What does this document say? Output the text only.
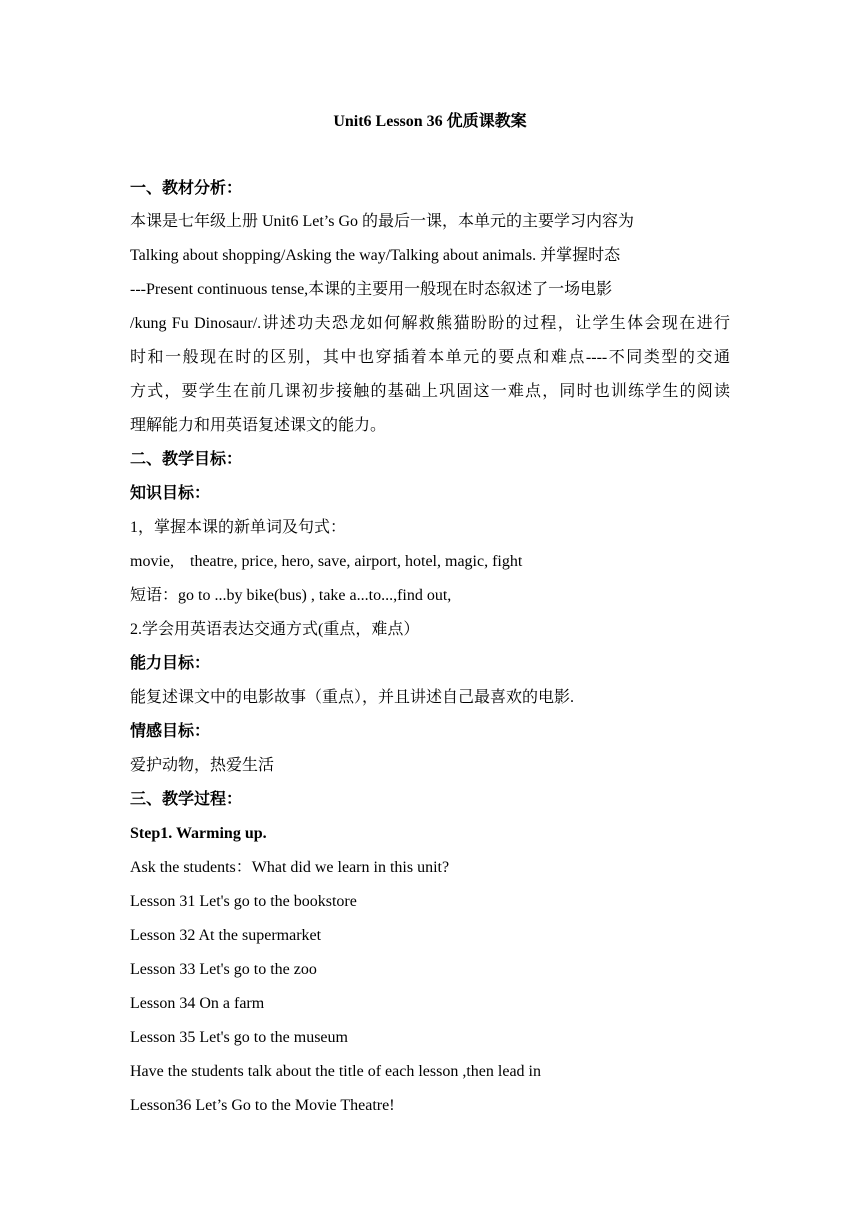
Unit6 Lesson 36 优质课教案
一、教材分析：
本课是七年级上册 Unit6 Let’s Go 的最后一课，本单元的主要学习内容为
Talking about shopping/Asking the way/Talking about animals. 并掌握时态
---Present continuous tense,本课的主要用一般现在时态叙述了一场电影
/kung Fu Dinosaur/.讲述功夫恐龙如何解救熊猫盼盼的过程，让学生体会现在进行
时和一般现在时的区别，其中也穿插着本单元的要点和难点----不同类型的交通
方式，要学生在前几课初步接触的基础上巩固这一难点，同时也训练学生的阅读
理解能力和用英语复述课文的能力。
二、教学目标：
知识目标：
1，掌握本课的新单词及句式：
movie,    theatre, price, hero, save, airport, hotel, magic, fight
短语：go to ...by bike(bus) , take a...to...,find out,
2.学会用英语表达交通方式(重点，难点）
能力目标：
能复述课文中的电影故事（重点），并且讲述自己最喜欢的电影.
情感目标：
爱护动物，热爱生活
三、教学过程：
Step1. Warming up.
Ask the students：What did we learn in this unit?
Lesson 31 Let's go to the bookstore
Lesson 32 At the supermarket
Lesson 33 Let's go to the zoo
Lesson 34 On a farm
Lesson 35 Let's go to the museum
Have the students talk about the title of each lesson ,then lead in
Lesson36 Let’s Go to the Movie Theatre!
